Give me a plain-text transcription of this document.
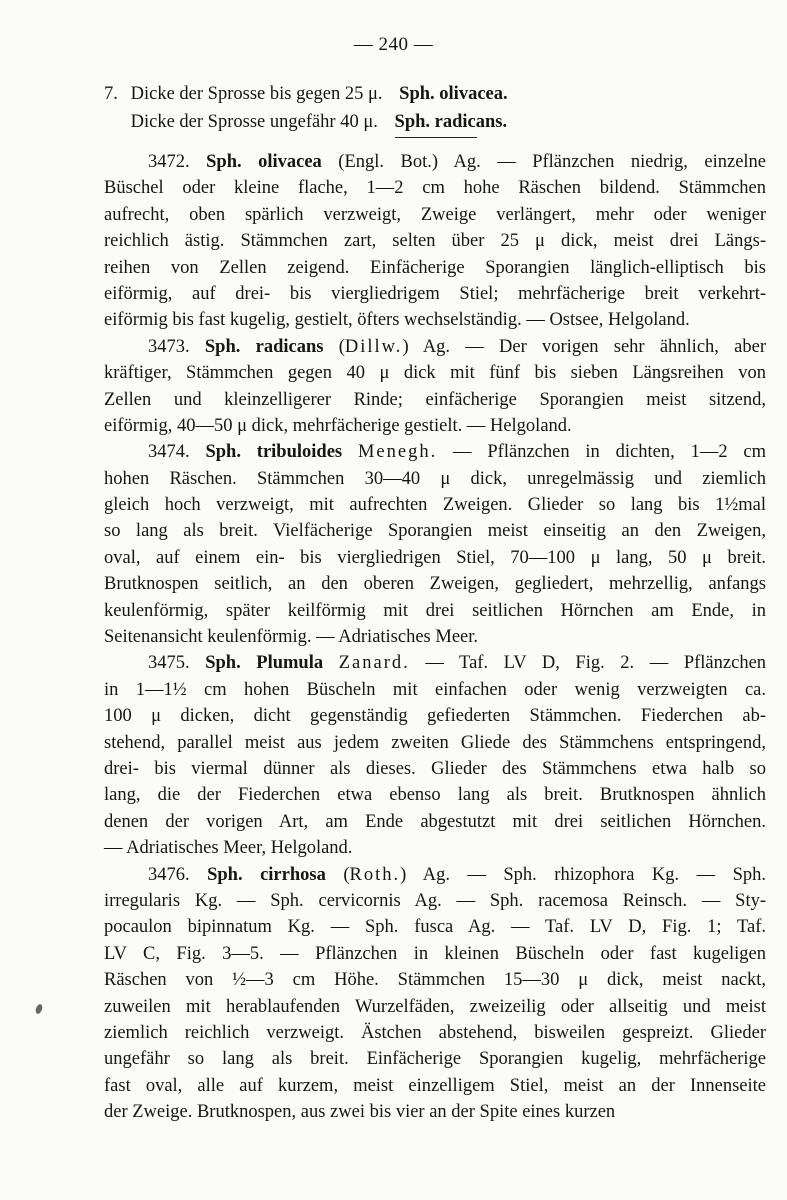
— 240 —
7. Dicke der Sprosse bis gegen 25 μ. Sph. olivacea.
Dicke der Sprosse ungefähr 40 μ. Sph. radicans.
3472. Sph. olivacea (Engl. Bot.) Ag. — Pflänzchen niedrig, einzelne
Büschel oder kleine flache, 1—2 cm hohe Räschen bildend. Stämmchen
aufrecht, oben spärlich verzweigt, Zweige verlängert, mehr oder weniger
reichlich ästig. Stämmchen zart, selten über 25 μ dick, meist drei Längs-
reihen von Zellen zeigend. Einfächerige Sporangien länglich-elliptisch bis
eiförmig, auf drei- bis viergliedrigem Stiel; mehrfächerige breit verkehrt-
eiförmig bis fast kugelig, gestielt, öfters wechselständig. — Ostsee, Helgoland.
3473. Sph. radicans (Dillw.) Ag. — Der vorigen sehr ähnlich, aber
kräftiger, Stämmchen gegen 40 μ dick mit fünf bis sieben Längsreihen von
Zellen und kleinzelligerer Rinde; einfächerige Sporangien meist sitzend,
eiförmig, 40—50 μ dick, mehrfächerige gestielt. — Helgoland.
3474. Sph. tribuloides Menegh. — Pflänzchen in dichten, 1—2 cm
hohen Räschen. Stämmchen 30—40 μ dick, unregelmässig und ziemlich
gleich hoch verzweigt, mit aufrechten Zweigen. Glieder so lang bis 1½mal
so lang als breit. Vielfächerige Sporangien meist einseitig an den Zweigen,
oval, auf einem ein- bis viergliedrigen Stiel, 70—100 μ lang, 50 μ breit.
Brutknospen seitlich, an den oberen Zweigen, gegliedert, mehrzellig, anfangs
keulenförmig, später keilförmig mit drei seitlichen Hörnchen am Ende, in
Seitenansicht keulenförmig. — Adriatisches Meer.
3475. Sph. Plumula Zanard. — Taf. LV D, Fig. 2. — Pflänzchen
in 1—1½ cm hohen Büscheln mit einfachen oder wenig verzweigten ca.
100 μ dicken, dicht gegenständig gefiederten Stämmchen. Fiederchen ab-
stehend, parallel meist aus jedem zweiten Gliede des Stämmchens entspringend,
drei- bis viermal dünner als dieses. Glieder des Stämmchens etwa halb so
lang, die der Fiederchen etwa ebenso lang als breit. Brutknospen ähnlich
denen der vorigen Art, am Ende abgestutzt mit drei seitlichen Hörnchen.
— Adriatisches Meer, Helgoland.
3476. Sph. cirrhosa (Roth.) Ag. — Sph. rhizophora Kg. — Sph.
irregularis Kg. — Sph. cervicornis Ag. — Sph. racemosa Reinsch. — Sty-
pocaulon bipinnatum Kg. — Sph. fusca Ag. — Taf. LV D, Fig. 1; Taf.
LV C, Fig. 3—5. — Pflänzchen in kleinen Büscheln oder fast kugeligen
Räschen von ½—3 cm Höhe. Stämmchen 15—30 μ dick, meist nackt,
zuweilen mit herablaufenden Wurzelfäden, zweizeilig oder allseitig und meist
ziemlich reichlich verzweigt. Ästchen abstehend, bisweilen gespreizt. Glieder
ungefähr so lang als breit. Einfächerige Sporangien kugelig, mehrfächerige
fast oval, alle auf kurzem, meist einzelligem Stiel, meist an der Innenseite
der Zweige. Brutknospen, aus zwei bis vier an der Spite eines kurzen
